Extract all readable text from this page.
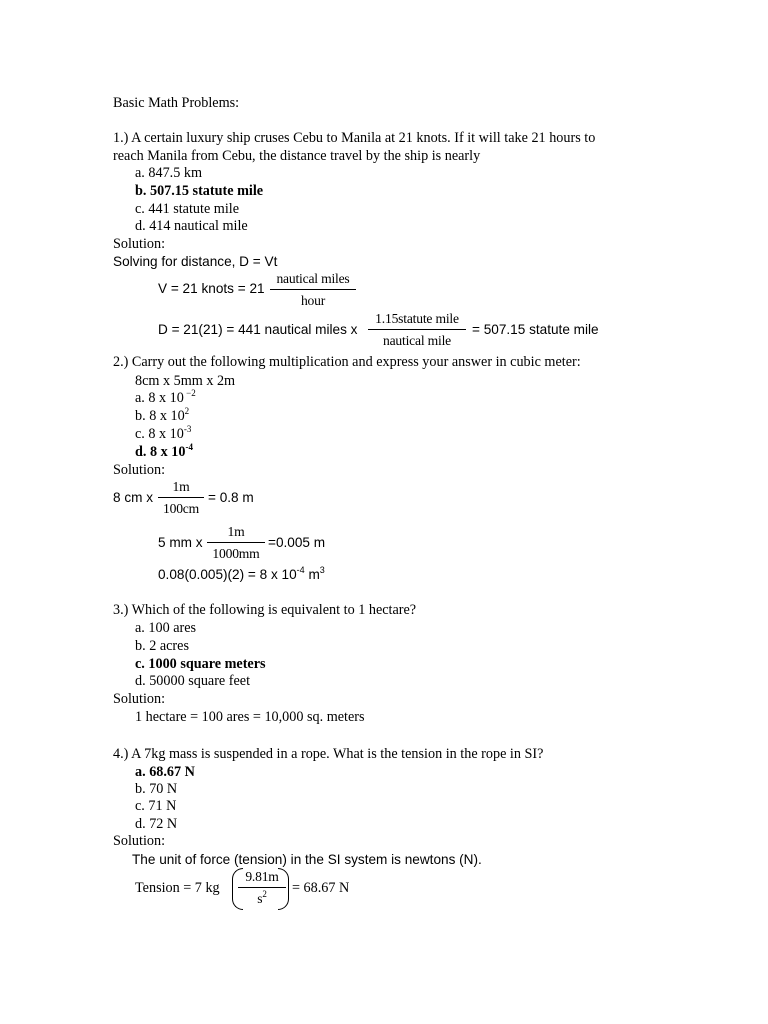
Basic Math Problems:
1.) A certain luxury ship cruses Cebu to Manila at 21 knots. If it will take 21 hours to
reach Manila from Cebu, the distance travel by the ship is nearly
a. 847.5 km
b. 507.15 statute mile
c. 441 statute mile
d. 414 nautical mile
Solution:
Solving for distance, D = Vt
V = 21 knots = 21
nautical miles
hour
D = 21(21) = 441 nautical miles x
1.15statute mile
nautical mile
= 507.15 statute mile
2.) Carry out the following multiplication and express your answer in cubic meter:
8cm x 5mm x 2m
a. 8 x 10 $^{-2}$
b. 8 x $10^2$
c. 8 x $10^{-3}$
d. 8 x $10^{-4}$
Solution:
8 cm x
1m
100cm
= 0.8 m
5 mm x
1m
1000mm
=0.005 m
0.08(0.005)(2) = 8 x $10^{-4}$ $m^3$
3.) Which of the following is equivalent to 1 hectare?
a. 100 ares
b. 2 acres
c. 1000 square meters
d. 50000 square feet
Solution:
1 hectare = 100 ares = 10,000 sq. meters
4.) A 7kg mass is suspended in a rope. What is the tension in the rope in SI?
a. 68.67 N
b. 70 N
c. 71 N
d. 72 N
Solution:
The unit of force (tension) in the SI system is newtons (N).
Tension = 7 kg
9.81m
$s^2$	= 68.67 N
